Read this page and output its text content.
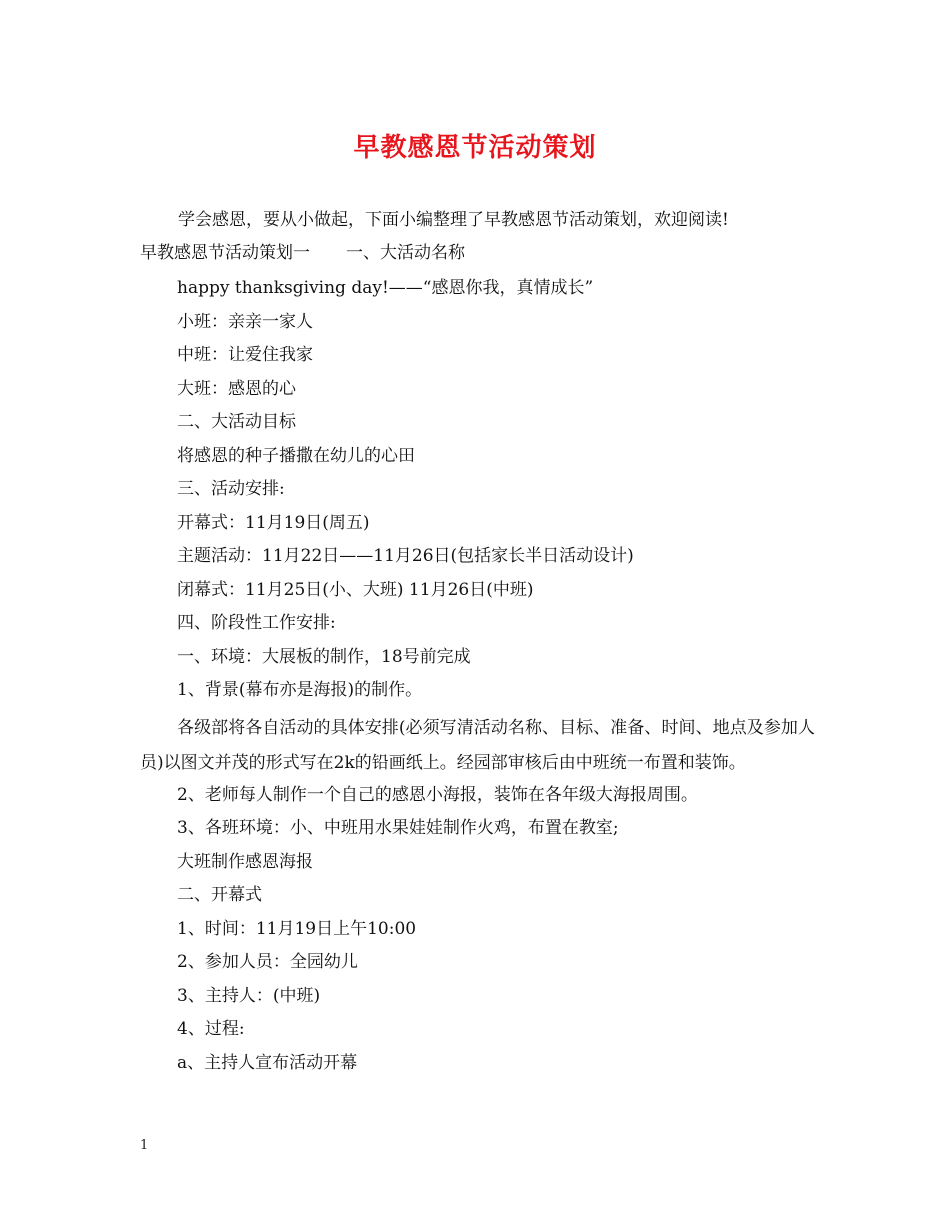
早教感恩节活动策划
学会感恩，要从小做起，下面小编整理了早教感恩节活动策划，欢迎阅读!
早教感恩节活动策划一 一、大活动名称
happy thanksgiving day!——“感恩你我，真情成长”
小班：亲亲一家人
中班：让爱住我家
大班：感恩的心
二、大活动目标
将感恩的种子播撒在幼儿的心田
三、活动安排:
开幕式：11月19日(周五)
主题活动：11月22日——11月26日(包括家长半日活动设计)
闭幕式：11月25日(小、大班) 11月26日(中班)
四、阶段性工作安排:
一、环境：大展板的制作，18号前完成
1、背景(幕布亦是海报)的制作。
各级部将各自活动的具体安排(必须写清活动名称、目标、准备、时间、地点及参加人员)以图文并茂的形式写在2k的铅画纸上。经园部审核后由中班统一布置和装饰。
2、老师每人制作一个自己的感恩小海报，装饰在各年级大海报周围。
3、各班环境：小、中班用水果娃娃制作火鸡，布置在教室;
大班制作感恩海报
二、开幕式
1、时间：11月19日上午10:00
2、参加人员：全园幼儿
3、主持人：(中班)
4、过程:
a、主持人宣布活动开幕
1
